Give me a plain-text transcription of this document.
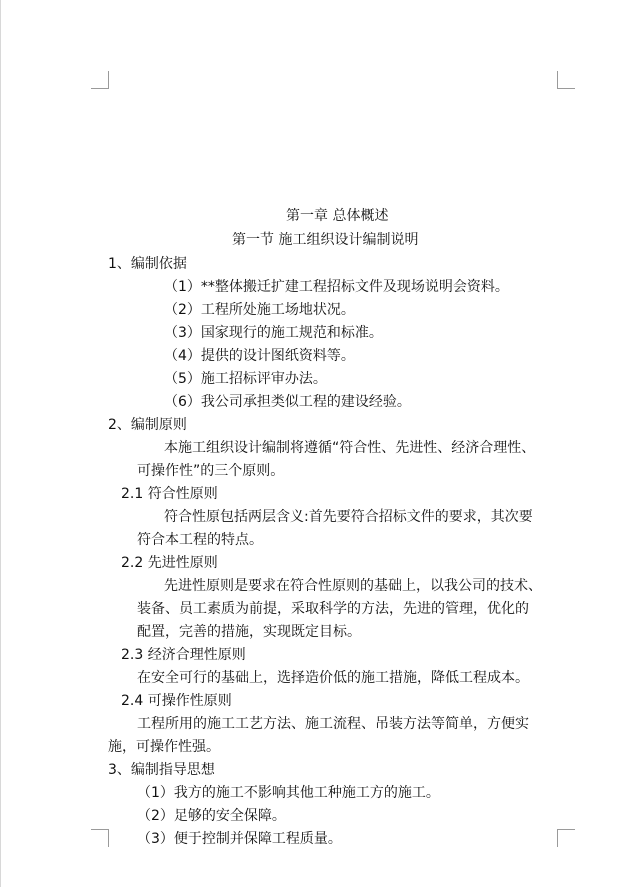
第一章 总体概述
第一节 施工组织设计编制说明
1、编制依据
（1）**整体搬迁扩建工程招标文件及现场说明会资料。
（2）工程所处施工场地状况。
（3）国家现行的施工规范和标准。
（4）提供的设计图纸资料等。
（5）施工招标评审办法。
（6）我公司承担类似工程的建设经验。
2、编制原则
本施工组织设计编制将遵循“符合性、先进性、经济合理性、
可操作性”的三个原则。
2.1 符合性原则
符合性原包括两层含义:首先要符合招标文件的要求，其次要
符合本工程的特点。
2.2 先进性原则
先进性原则是要求在符合性原则的基础上，以我公司的技术、
装备、员工素质为前提，采取科学的方法，先进的管理，优化的
配置，完善的措施，实现既定目标。
2.3 经济合理性原则
在安全可行的基础上，选择造价低的施工措施，降低工程成本。
2.4 可操作性原则
工程所用的施工工艺方法、施工流程、吊装方法等简单，方便实
施，可操作性强。
3、编制指导思想
（1）我方的施工不影响其他工种施工方的施工。
（2）足够的安全保障。
（3）便于控制并保障工程质量。
